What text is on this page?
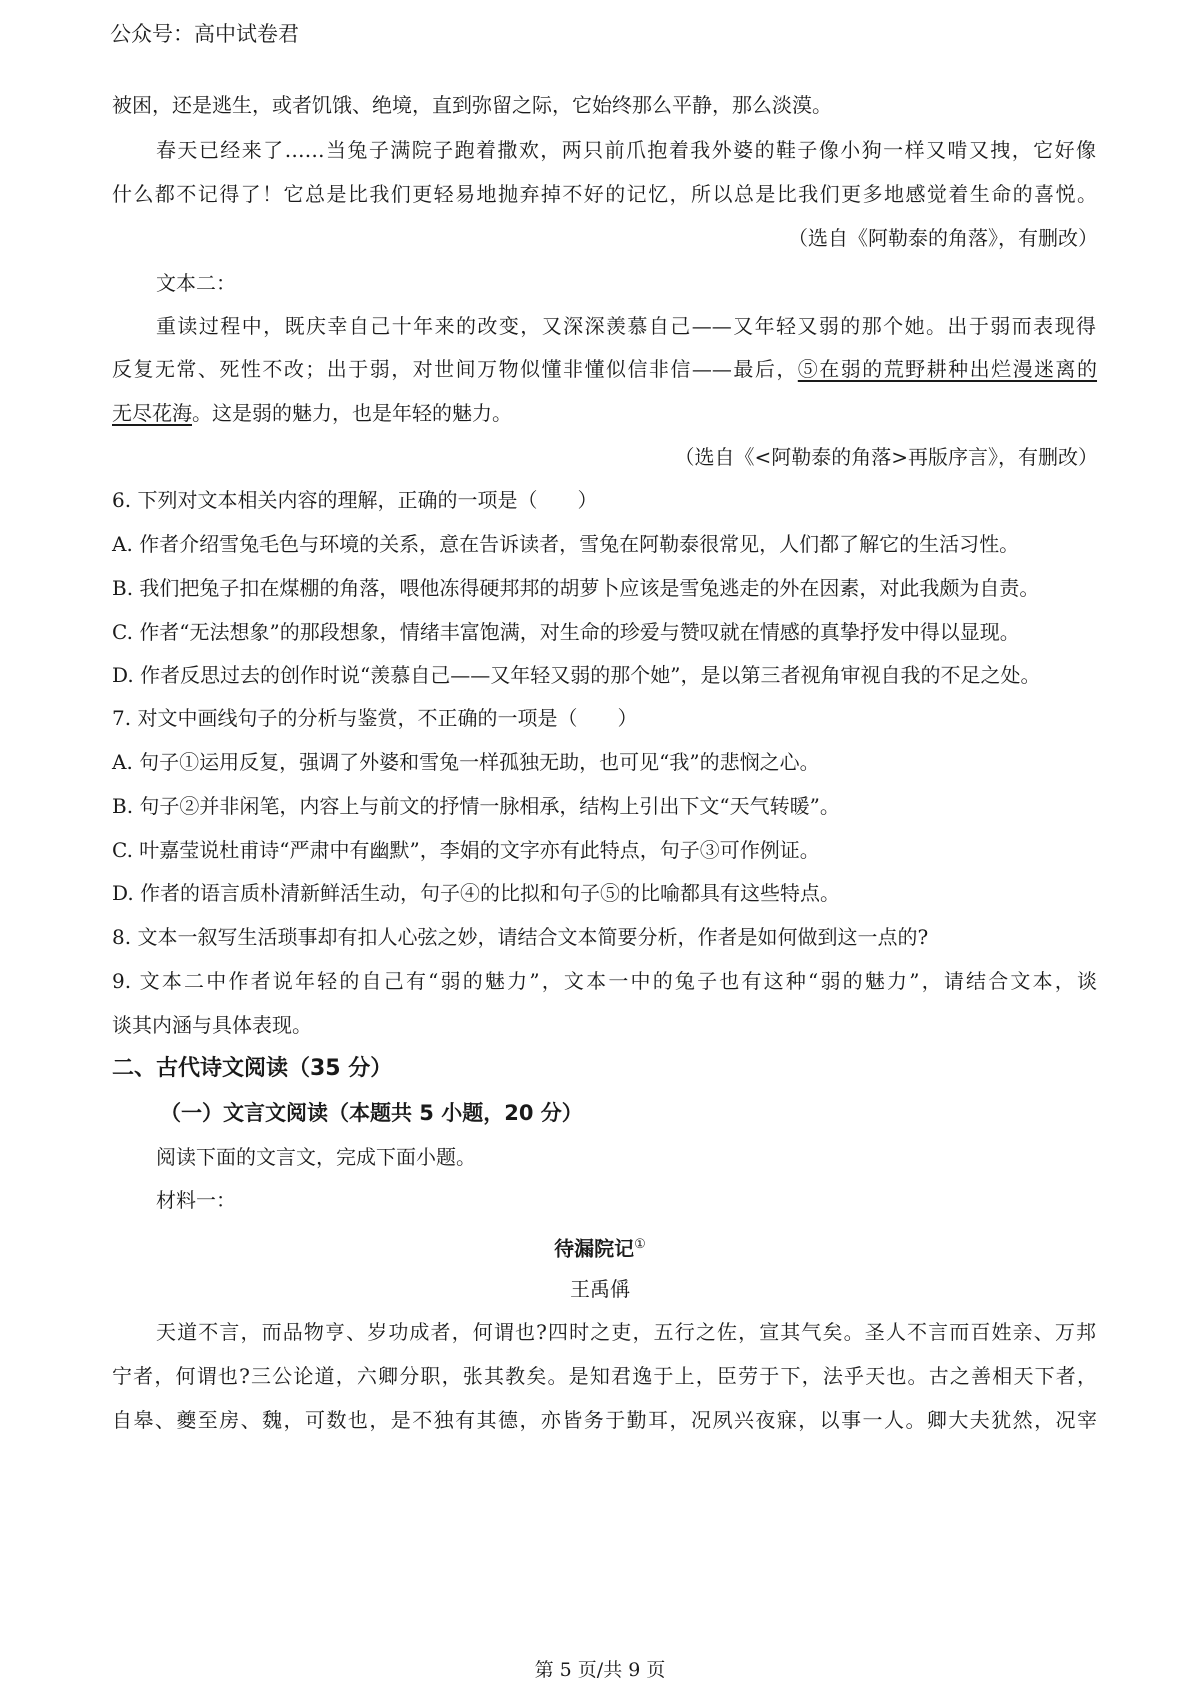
公众号：高中试卷君
被困，还是逃生，或者饥饿、绝境，直到弥留之际，它始终那么平静，那么淡漠。
春天已经来了……当兔子满院子跑着撒欢，两只前爪抱着我外婆的鞋子像小狗一样又啃又拽，它好像
什么都不记得了！它总是比我们更轻易地抛弃掉不好的记忆，所以总是比我们更多地感觉着生命的喜悦。
（选自《阿勒泰的角落》，有删改）
文本二：
重读过程中，既庆幸自己十年来的改变，又深深羡慕自己——又年轻又弱的那个她。出于弱而表现得
反复无常、死性不改；出于弱，对世间万物似懂非懂似信非信——最后，⑤在弱的荒野耕种出烂漫迷离的
无尽花海。这是弱的魅力，也是年轻的魅力。
（选自《<阿勒泰的角落>再版序言》，有删改）
6. 下列对文本相关内容的理解，正确的一项是（　　）
A. 作者介绍雪兔毛色与环境的关系，意在告诉读者，雪兔在阿勒泰很常见，人们都了解它的生活习性。
B. 我们把兔子扣在煤棚的角落，喂他冻得硬邦邦的胡萝卜应该是雪兔逃走的外在因素，对此我颇为自责。
C. 作者“无法想象”的那段想象，情绪丰富饱满，对生命的珍爱与赞叹就在情感的真挚抒发中得以显现。
D. 作者反思过去的创作时说“羡慕自己——又年轻又弱的那个她”，是以第三者视角审视自我的不足之处。
7. 对文中画线句子的分析与鉴赏，不正确的一项是（　　）
A. 句子①运用反复，强调了外婆和雪兔一样孤独无助，也可见“我”的悲悯之心。
B. 句子②并非闲笔，内容上与前文的抒情一脉相承，结构上引出下文“天气转暖”。
C. 叶嘉莹说杜甫诗“严肃中有幽默”，李娟的文字亦有此特点，句子③可作例证。
D. 作者的语言质朴清新鲜活生动，句子④的比拟和句子⑤的比喻都具有这些特点。
8. 文本一叙写生活琐事却有扣人心弦之妙，请结合文本简要分析，作者是如何做到这一点的?
9. 文本二中作者说年轻的自己有“弱的魅力”，文本一中的兔子也有这种“弱的魅力”，请结合文本，谈
谈其内涵与具体表现。
二、古代诗文阅读（35 分）
（一）文言文阅读（本题共 5 小题，20 分）
阅读下面的文言文，完成下面小题。
材料一：
待漏院记①
王禹偁
天道不言，而品物亨、岁功成者，何谓也?四时之吏，五行之佐，宣其气矣。圣人不言而百姓亲、万邦
宁者，何谓也?三公论道，六卿分职，张其教矣。是知君逸于上，臣劳于下，法乎天也。古之善相天下者，
自皋、夔至房、魏，可数也，是不独有其德，亦皆务于勤耳，况夙兴夜寐，以事一人。卿大夫犹然，况宰
第 5 页/共 9 页
